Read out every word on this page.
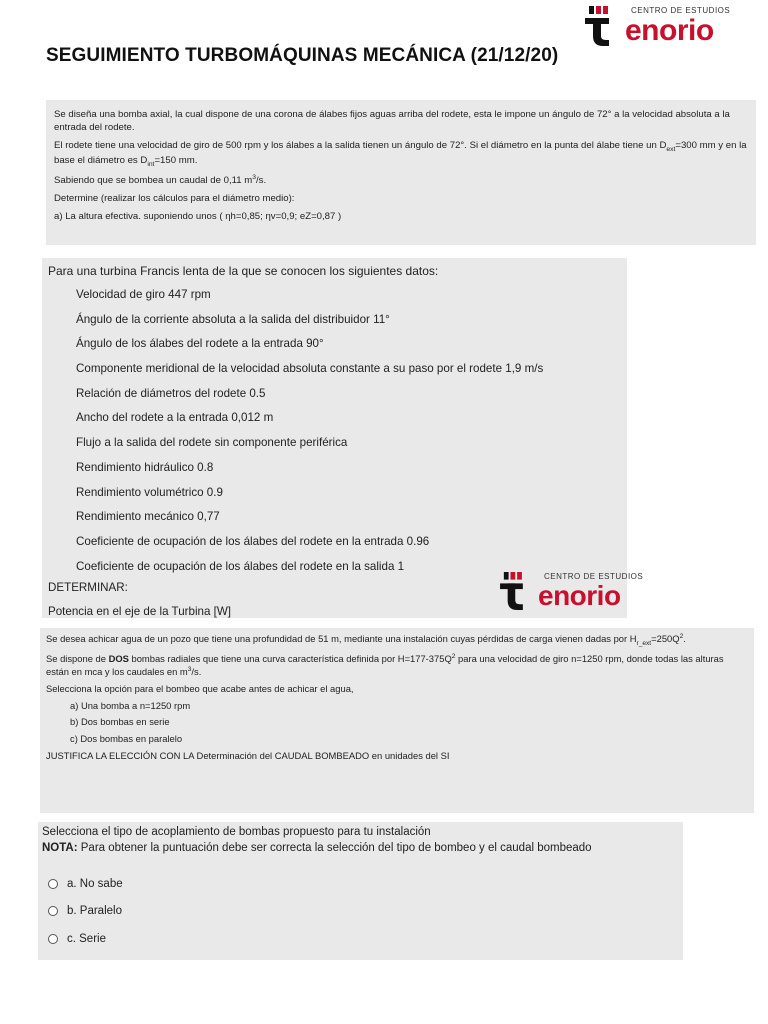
CENTRO DE ESTUDIOS
enorio
SEGUIMIENTO TURBOMÁQUINAS MECÁNICA (21/12/20)

Se diseña una bomba axial, la cual dispone de una corona de álabes fijos aguas arriba del rodete, esta le impone un ángulo de 72° a la velocidad absoluta a la entrada del rodete.

El rodete tiene una velocidad de giro de 500 rpm y los álabes a la salida tienen un ángulo de 72°. Si el diámetro en la punta del álabe tiene un $D_{ext}=300$ mm y en la base el diámetro es $D_{int}=150$ mm.

Sabiendo que se bombea un caudal de 0,11 $m^3/s$.

Determine (realizar los cálculos para el diámetro medio):

a) La altura efectiva. suponiendo unos ( ηh=0,85; ηv=0,9; eZ=0,87 )

Para una turbina Francis lenta de la que se conocen los siguientes datos:
Velocidad de giro 447 rpm
Ángulo de la corriente absoluta a la salida del distribuidor 11°
Ángulo de los álabes del rodete a la entrada 90°
Componente meridional de la velocidad absoluta constante a su paso por el rodete 1,9 m/s
Relación de diámetros del rodete 0.5
Ancho del rodete a la entrada 0,012 m
Flujo a la salida del rodete sin componente periférica
Rendimiento hidráulico 0.8
Rendimiento volumétrico 0.9
Rendimiento mecánico 0,77
Coeficiente de ocupación de los álabes del rodete en la entrada 0.96
Coeficiente de ocupación de los álabes del rodete en la salida 1
DETERMINAR:
Potencia en el eje de la Turbina [W]
CENTRO DE ESTUDIOS
enorio

Se desea achicar agua de un pozo que tiene una profundidad de 51 m, mediante una instalación cuyas pérdidas de carga vienen dadas por $H_{r\_ext}=250Q^2$.

Se dispone de DOS bombas radiales que tiene una curva característica definida por $H=177-375Q^2$ para una velocidad de giro n=1250 rpm, donde todas las alturas están en mca y los caudales en $m^3/s$.

Selecciona la opción para el bombeo que acabe antes de achicar el agua,

a) Una bomba a n=1250 rpm

b) Dos bombas en serie

c) Dos bombas en paralelo

JUSTIFICA LA ELECCIÓN CON LA Determinación del CAUDAL BOMBEADO en unidades del SI

Selecciona el tipo de acoplamiento de bombas propuesto para tu instalación
NOTA: Para obtener la puntuación debe ser correcta la selección del tipo de bombeo y el caudal bombeado
a. No sabe
b. Paralelo
c. Serie
